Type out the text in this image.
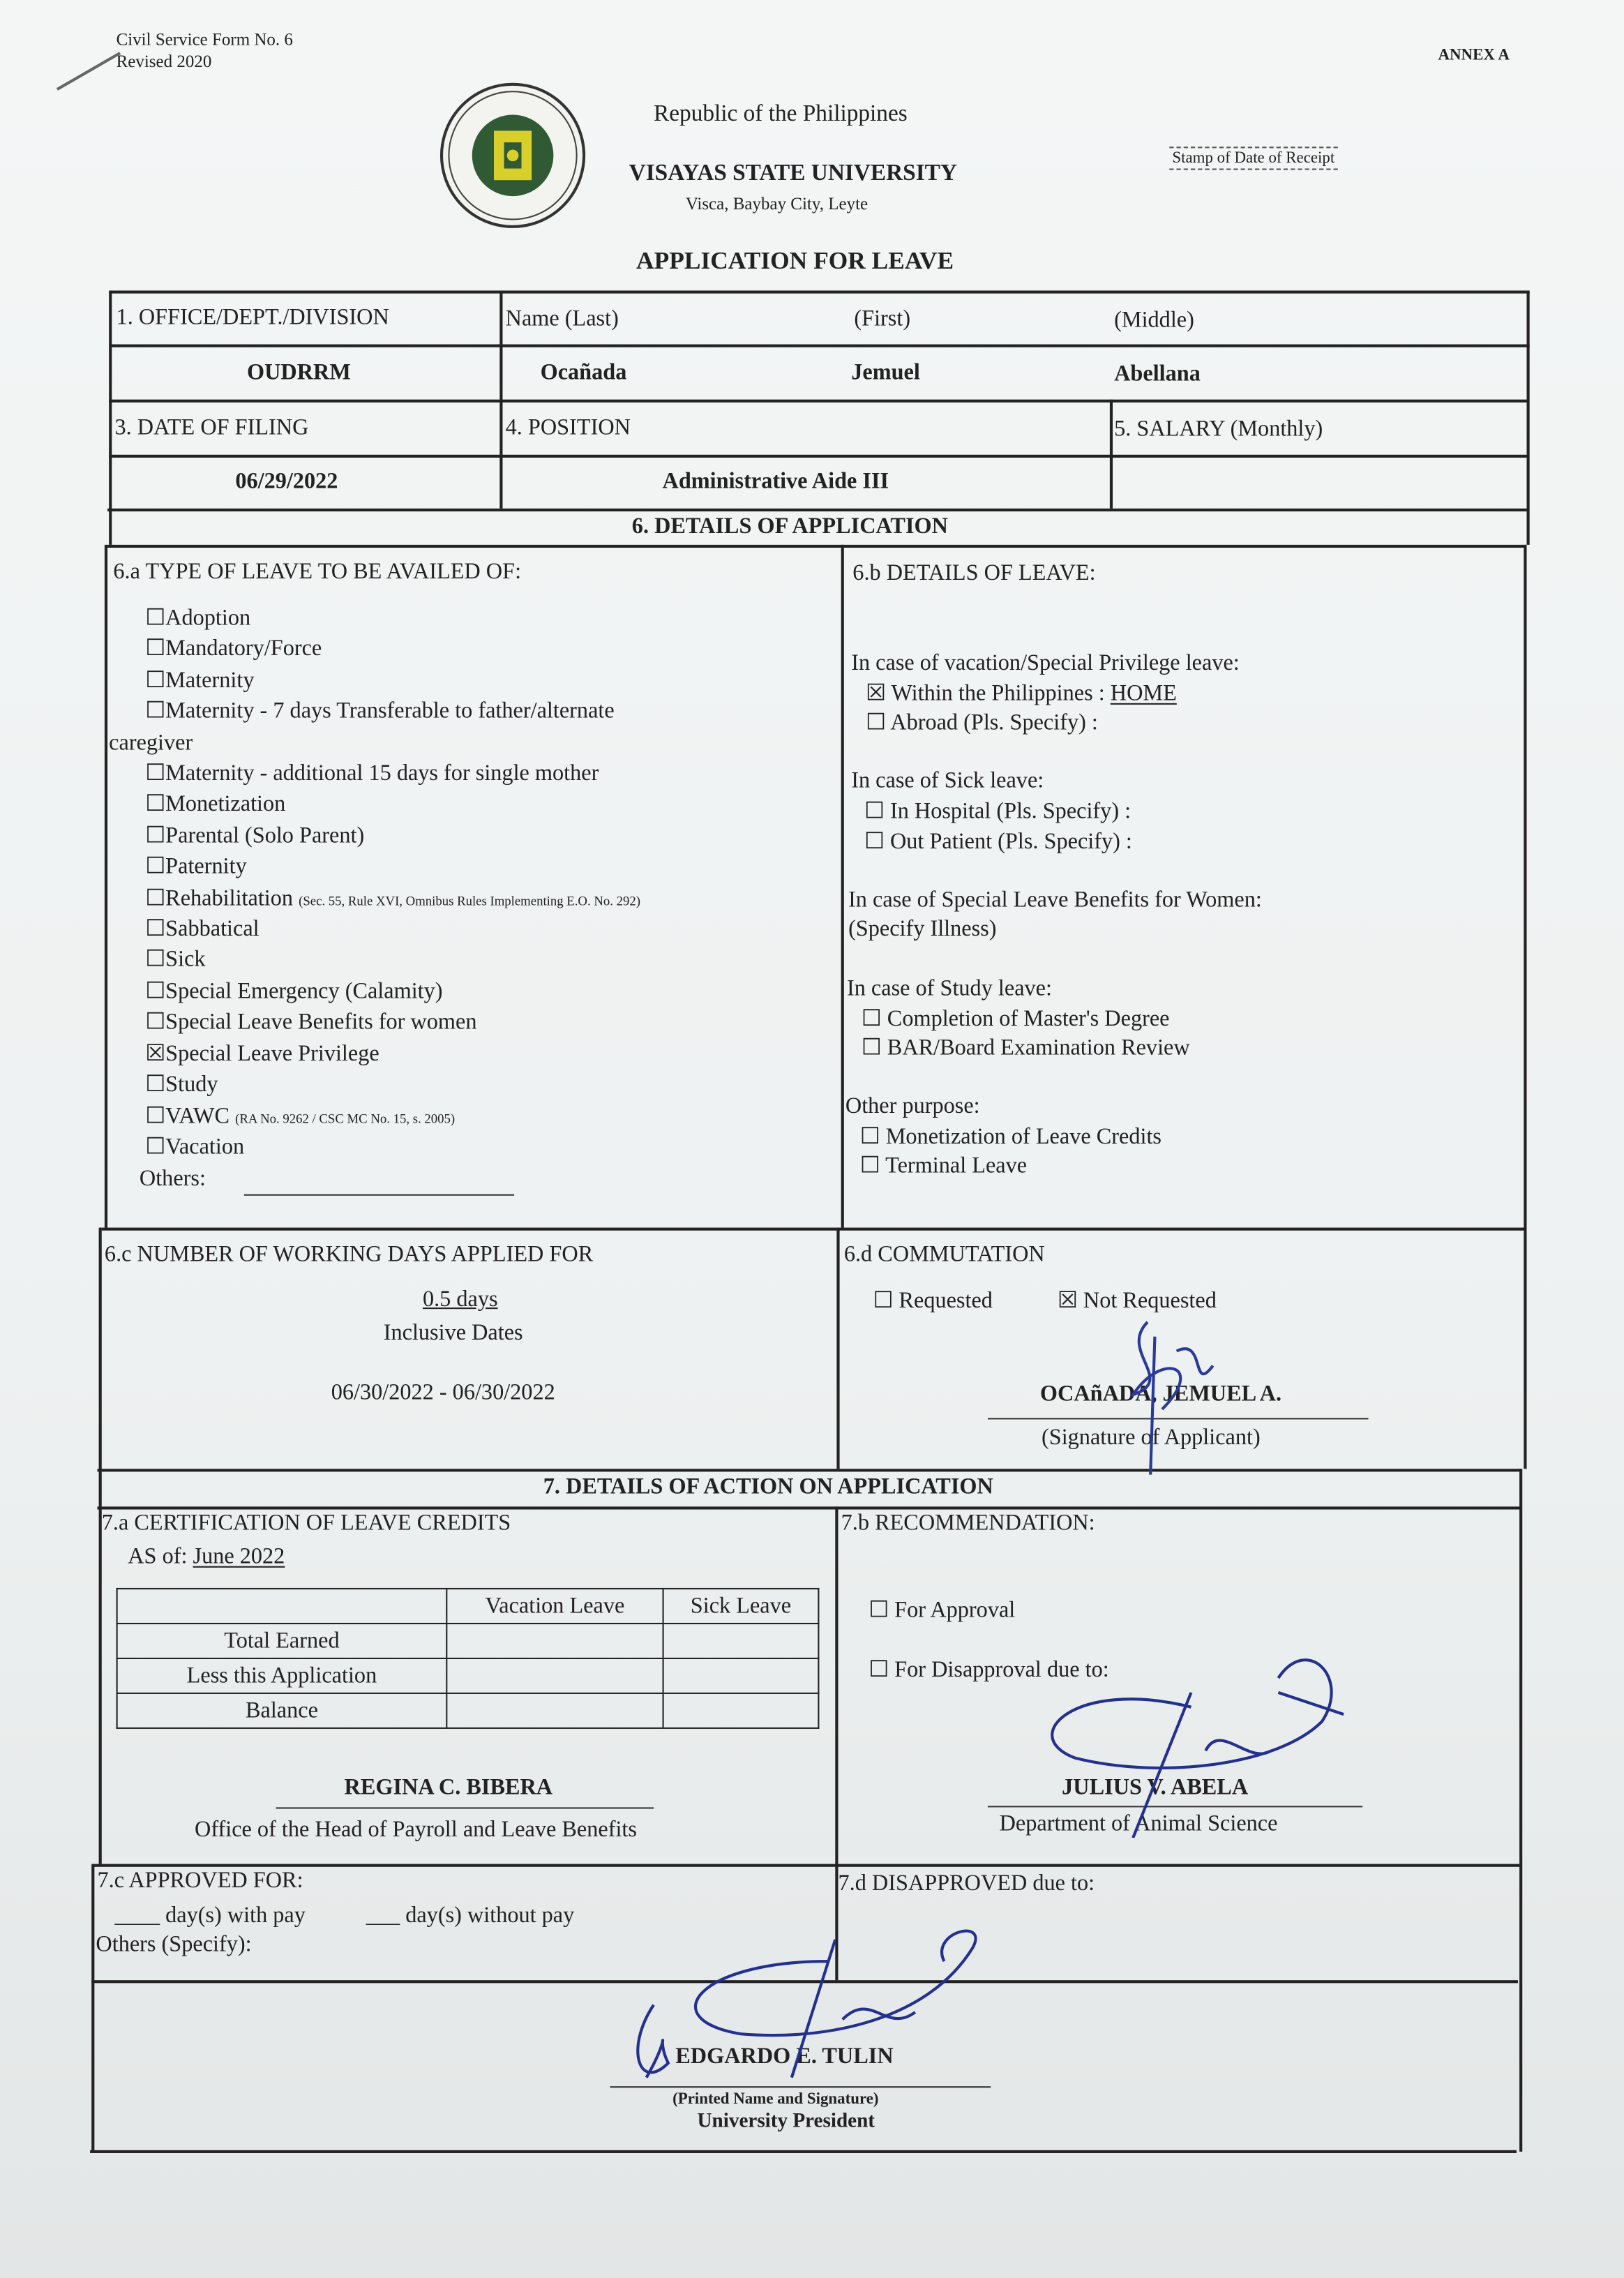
Civil Service Form No. 6
Revised 2020	ANNEX A
Republic of the Philippines
VISAYAS STATE UNIVERSITY
Visca, Baybay City, Leyte
Stamp of Date of Receipt
APPLICATION FOR LEAVE
1. OFFICE/DEPT./DIVISION	Name (Last)	(First)	(Middle)
OUDRRM	Ocañada	Jemuel	Abellana
3. DATE OF FILING	4. POSITION	5. SALARY (Monthly)
06/29/2022	Administrative Aide III
6. DETAILS OF APPLICATION
6.a TYPE OF LEAVE TO BE AVAILED OF:
☐Adoption
☐Mandatory/Force
☐Maternity
☐Maternity - 7 days Transferable to father/alternate
caregiver
☐Maternity - additional 15 days for single mother
☐Monetization
☐Parental (Solo Parent)
☐Paternity
☐Rehabilitation (Sec. 55, Rule XVI, Omnibus Rules Implementing E.O. No. 292)
☐Sabbatical
☐Sick
☐Special Emergency (Calamity)
☐Special Leave Benefits for women
☒Special Leave Privilege
☐Study
☐VAWC (RA No. 9262 / CSC MC No. 15, s. 2005)
☐Vacation
Others:
6.b DETAILS OF LEAVE:
In case of vacation/Special Privilege leave:
☒ Within the Philippines : HOME
☐ Abroad (Pls. Specify) :
In case of Sick leave:
☐ In Hospital (Pls. Specify) :
☐ Out Patient (Pls. Specify) :
In case of Special Leave Benefits for Women:
(Specify Illness)
In case of Study leave:
☐ Completion of Master's Degree
☐ BAR/Board Examination Review
Other purpose:
☐ Monetization of Leave Credits
☐ Terminal Leave
6.c NUMBER OF WORKING DAYS APPLIED FOR
0.5 days
Inclusive Dates
06/30/2022 - 06/30/2022
6.d COMMUTATION
☐ Requested	☒ Not Requested
OCAñADA, JEMUEL A.
(Signature of Applicant)
7. DETAILS OF ACTION ON APPLICATION
7.a CERTIFICATION OF LEAVE CREDITS
AS of: June 2022
	Vacation Leave	Sick Leave
Total Earned		
Less this Application		
Balance		
REGINA C. BIBERA
Office of the Head of Payroll and Leave Benefits
7.b RECOMMENDATION:
☐ For Approval
☐ For Disapproval due to:
JULIUS V. ABELA
Department of Animal Science
7.c APPROVED FOR:
____ day(s) with pay	___ day(s) without pay
Others (Specify):
7.d DISAPPROVED due to:
EDGARDO E. TULIN
(Printed Name and Signature)
University President
